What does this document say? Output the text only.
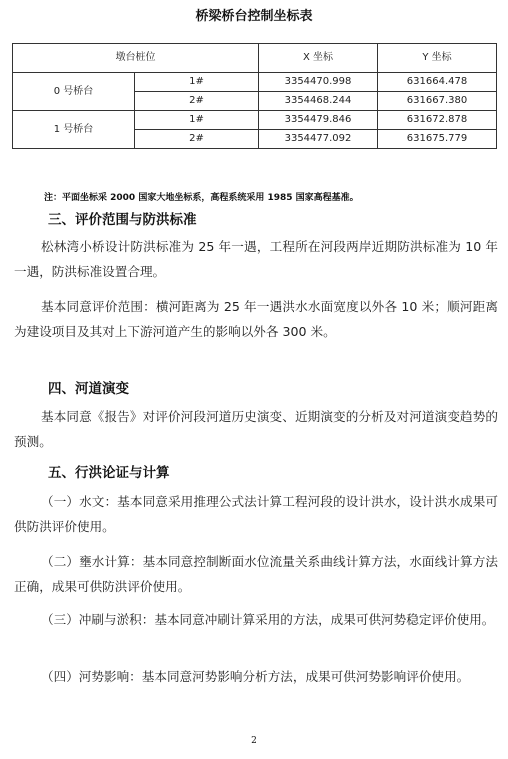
桥梁桥台控制坐标表
墩台桩位		X 坐标	Y 坐标
0 号桥台	1#	3354470.998	631664.478
	2#	3354468.244	631667.380
1 号桥台	1#	3354479.846	631672.878
	2#	3354477.092	631675.779
注：平面坐标采 2000 国家大地坐标系，高程系统采用 1985 国家高程基准。
三、评价范围与防洪标准

松林湾小桥设计防洪标准为 25 年一遇，工程所在河段两岸近期防洪标准为 10 年一遇，防洪标准设置合理。

基本同意评价范围：横河距离为 25 年一遇洪水水面宽度以外各 10 米；顺河距离为建设项目及其对上下游河道产生的影响以外各 300 米。

四、河道演变

基本同意《报告》对评价河段河道历史演变、近期演变的分析及对河道演变趋势的预测。

五、行洪论证与计算

（一）水文：基本同意采用推理公式法计算工程河段的设计洪水，设计洪水成果可供防洪评价使用。

（二）壅水计算：基本同意控制断面水位流量关系曲线计算方法，水面线计算方法正确，成果可供防洪评价使用。

（三）冲刷与淤积：基本同意冲刷计算采用的方法，成果可供河势稳定评价使用。

（四）河势影响：基本同意河势影响分析方法，成果可供河势影响评价使用。

2
